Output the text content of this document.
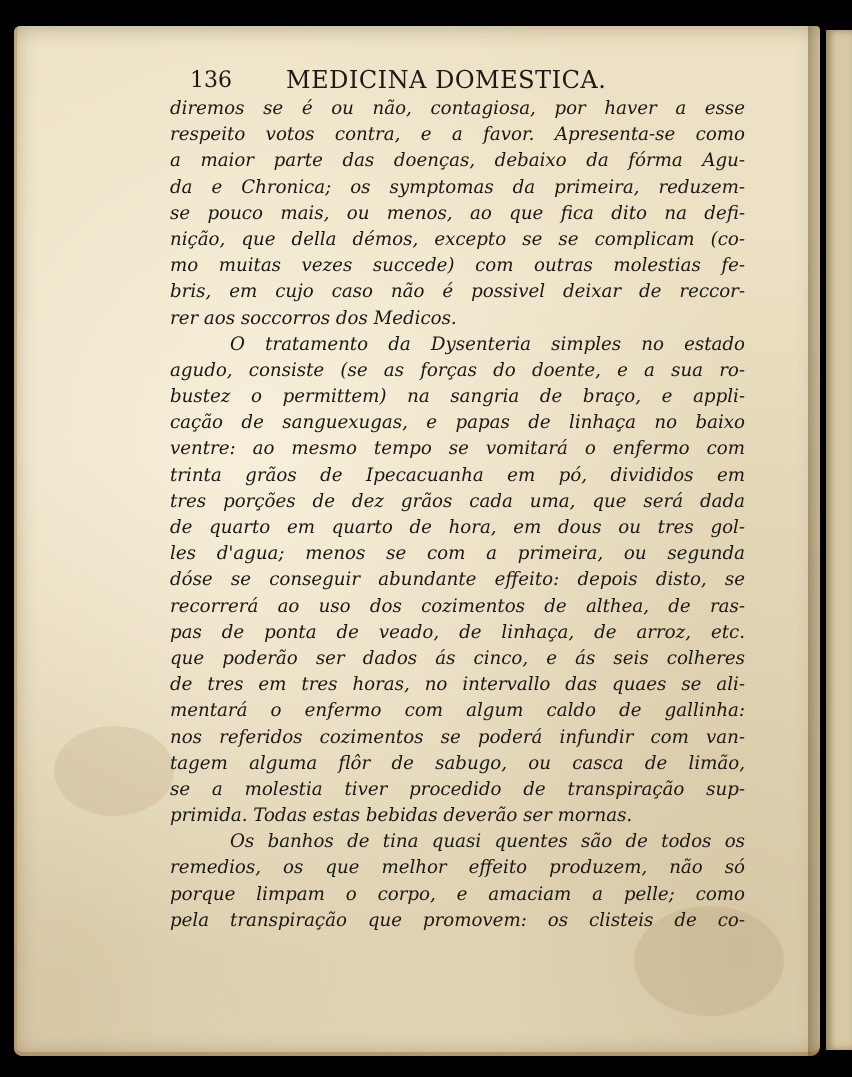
136 MEDICINA DOMESTICA.
diremos se é ou não, contagiosa, por haver a esse
respeito votos contra, e a favor. Apresenta-se como
a maior parte das doenças, debaixo da fórma Agu-
da e Chronica; os symptomas da primeira, reduzem-
se pouco mais, ou menos, ao que fica dito na defi-
nição, que della démos, excepto se se complicam (co-
mo muitas vezes succede) com outras molestias fe-
bris, em cujo caso não é possivel deixar de reccor-
rer aos soccorros dos Medicos.
O tratamento da Dysenteria simples no estado
agudo, consiste (se as forças do doente, e a sua ro-
bustez o permittem) na sangria de braço, e appli-
cação de sanguexugas, e papas de linhaça no baixo
ventre: ao mesmo tempo se vomitará o enfermo com
trinta grãos de Ipecacuanha em pó, divididos em
tres porções de dez grãos cada uma, que será dada
de quarto em quarto de hora, em dous ou tres gol-
les d'agua; menos se com a primeira, ou segunda
dóse se conseguir abundante effeito: depois disto, se
recorrerá ao uso dos cozimentos de althea, de ras-
pas de ponta de veado, de linhaça, de arroz, etc.
que poderão ser dados ás cinco, e ás seis colheres
de tres em tres horas, no intervallo das quaes se ali-
mentará o enfermo com algum caldo de gallinha:
nos referidos cozimentos se poderá infundir com van-
tagem alguma flôr de sabugo, ou casca de limão,
se a molestia tiver procedido de transpiração sup-
primida. Todas estas bebidas deverão ser mornas.
Os banhos de tina quasi quentes são de todos os
remedios, os que melhor effeito produzem, não só
porque limpam o corpo, e amaciam a pelle; como
pela transpiração que promovem: os clisteis de co-
